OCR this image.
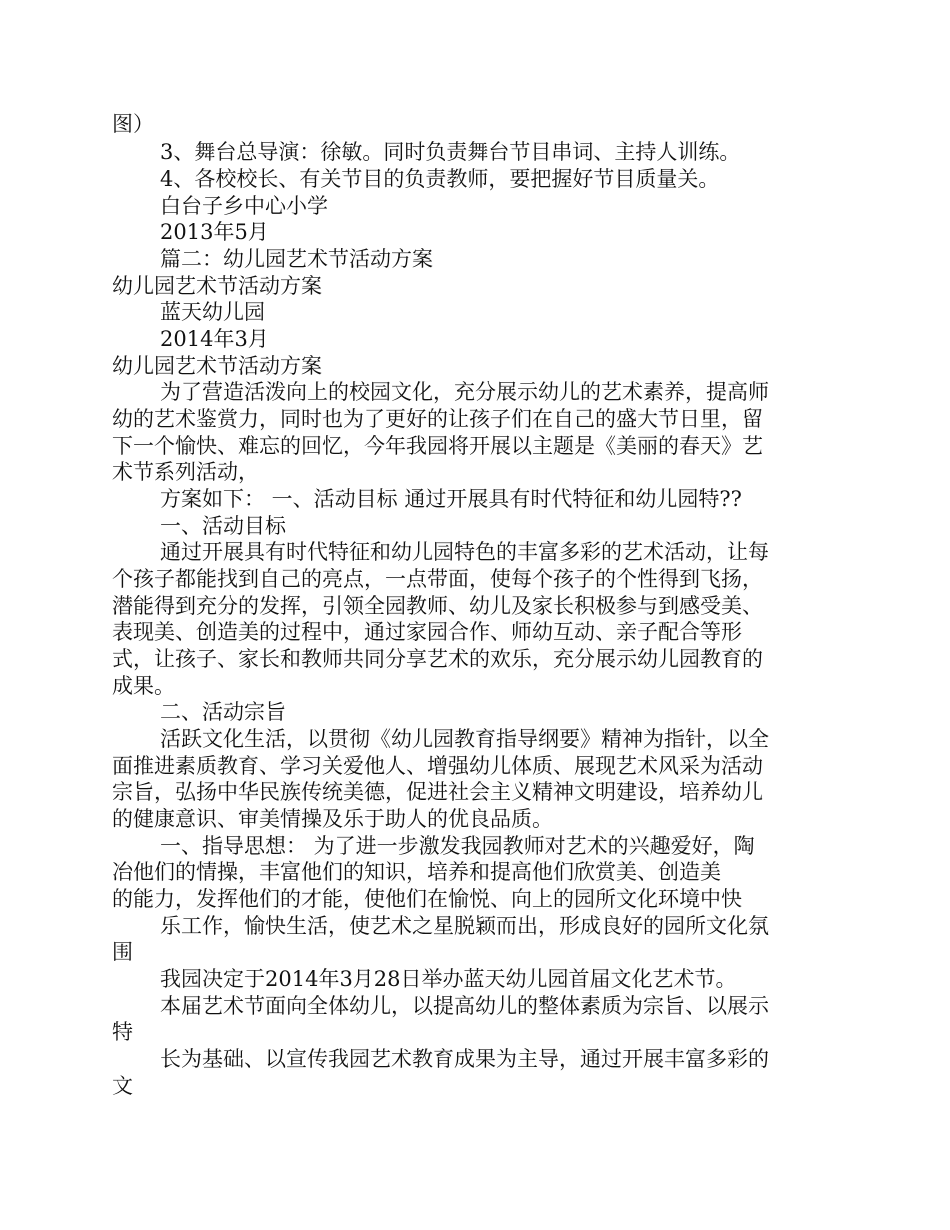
图）
3、舞台总导演：徐敏。同时负责舞台节目串词、主持人训练。
4、各校校长、有关节目的负责教师，要把握好节目质量关。
白台子乡中心小学
2013年5月
篇二：幼儿园艺术节活动方案
幼儿园艺术节活动方案
蓝天幼儿园
2014年3月
幼儿园艺术节活动方案
为了营造活泼向上的校园文化，充分展示幼儿的艺术素养，提高师
幼的艺术鉴赏力，同时也为了更好的让孩子们在自己的盛大节日里，留
下一个愉快、难忘的回忆，今年我园将开展以主题是《美丽的春天》艺
术节系列活动，
方案如下： 一、活动目标 通过开展具有时代特征和幼儿园特??
一、活动目标
通过开展具有时代特征和幼儿园特色的丰富多彩的艺术活动，让每
个孩子都能找到自己的亮点，一点带面，使每个孩子的个性得到飞扬，
潜能得到充分的发挥，引领全园教师、幼儿及家长积极参与到感受美、
表现美、创造美的过程中，通过家园合作、师幼互动、亲子配合等形
式，让孩子、家长和教师共同分享艺术的欢乐，充分展示幼儿园教育的
成果。
二、活动宗旨
活跃文化生活，以贯彻《幼儿园教育指导纲要》精神为指针，以全
面推进素质教育、学习关爱他人、增强幼儿体质、展现艺术风采为活动
宗旨，弘扬中华民族传统美德，促进社会主义精神文明建设，培养幼儿
的健康意识、审美情操及乐于助人的优良品质。
一、指导思想： 为了进一步激发我园教师对艺术的兴趣爱好，陶
冶他们的情操，丰富他们的知识，培养和提高他们欣赏美、创造美
的能力，发挥他们的才能，使他们在愉悦、向上的园所文化环境中快
乐工作，愉快生活，使艺术之星脱颖而出，形成良好的园所文化氛
围
我园决定于2014年3月28日举办蓝天幼儿园首届文化艺术节。
本届艺术节面向全体幼儿，以提高幼儿的整体素质为宗旨、以展示
特
长为基础、以宣传我园艺术教育成果为主导，通过开展丰富多彩的
文
